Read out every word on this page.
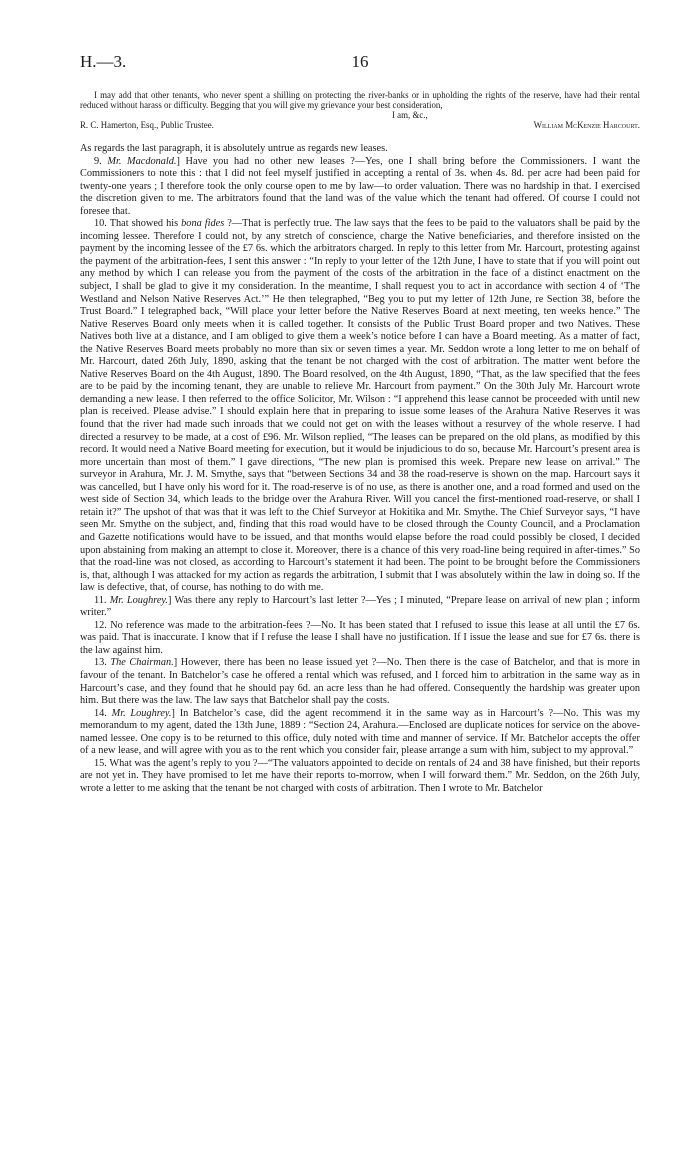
H.—3.	16

I may add that other tenants, who never spent a shilling on protecting the river-banks or in upholding the rights of the reserve, have had their rental reduced without harass or difficulty. Begging that you will give my grievance your best consideration,

I am, &c.,
R. C. Hamerton, Esq., Public Trustee.	William McKenzie Harcourt.

As regards the last paragraph, it is absolutely untrue as regards new leases.

9. Mr. Macdonald.] Have you had no other new leases ?—Yes, one I shall bring before the Commissioners. I want the Commissioners to note this : that I did not feel myself justified in accepting a rental of 3s. when 4s. 8d. per acre had been paid for twenty-one years ; I therefore took the only course open to me by law—to order valuation. There was no hardship in that. I exercised the discretion given to me. The arbitrators found that the land was of the value which the tenant had offered. Of course I could not foresee that.

10. That showed his bona fides ?—That is perfectly true. The law says that the fees to be paid to the valuators shall be paid by the incoming lessee. Therefore I could not, by any stretch of conscience, charge the Native beneficiaries, and therefore insisted on the payment by the incoming lessee of the £7 6s. which the arbitrators charged. In reply to this letter from Mr. Harcourt, protesting against the payment of the arbitration-fees, I sent this answer : “In reply to your letter of the 12th June, I have to state that if you will point out any method by which I can release you from the payment of the costs of the arbitration in the face of a distinct enactment on the subject, I shall be glad to give it my consideration. In the meantime, I shall request you to act in accordance with section 4 of ‘The Westland and Nelson Native Reserves Act.’” He then telegraphed, “Beg you to put my letter of 12th June, re Section 38, before the Trust Board.” I telegraphed back, “Will place your letter before the Native Reserves Board at next meeting, ten weeks hence.” The Native Reserves Board only meets when it is called together. It consists of the Public Trust Board proper and two Natives. These Natives both live at a distance, and I am obliged to give them a week’s notice before I can have a Board meeting. As a matter of fact, the Native Reserves Board meets probably no more than six or seven times a year. Mr. Seddon wrote a long letter to me on behalf of Mr. Harcourt, dated 26th July, 1890, asking that the tenant be not charged with the cost of arbitration. The matter went before the Native Reserves Board on the 4th August, 1890. The Board resolved, on the 4th August, 1890, “That, as the law specified that the fees are to be paid by the incoming tenant, they are unable to relieve Mr. Harcourt from payment.” On the 30th July Mr. Harcourt wrote demanding a new lease. I then referred to the office Solicitor, Mr. Wilson : “I apprehend this lease cannot be proceeded with until new plan is received. Please advise.” I should explain here that in preparing to issue some leases of the Arahura Native Reserves it was found that the river had made such inroads that we could not get on with the leases without a resurvey of the whole reserve. I had directed a resurvey to be made, at a cost of £96. Mr. Wilson replied, “The leases can be prepared on the old plans, as modified by this record. It would need a Native Board meeting for execution, but it would be injudicious to do so, because Mr. Harcourt’s present area is more uncertain than most of them.” I gave directions, “The new plan is promised this week. Prepare new lease on arrival.” The surveyor in Arahura, Mr. J. M. Smythe, says that “between Sections 34 and 38 the road-reserve is shown on the map. Harcourt says it was cancelled, but I have only his word for it. The road-reserve is of no use, as there is another one, and a road formed and used on the west side of Section 34, which leads to the bridge over the Arahura River. Will you cancel the first-mentioned road-reserve, or shall I retain it?” The upshot of that was that it was left to the Chief Surveyor at Hokitika and Mr. Smythe. The Chief Surveyor says, “I have seen Mr. Smythe on the subject, and, finding that this road would have to be closed through the County Council, and a Proclamation and Gazette notifications would have to be issued, and that months would elapse before the road could possibly be closed, I decided upon abstaining from making an attempt to close it. Moreover, there is a chance of this very road-line being required in after-times.” So that the road-line was not closed, as according to Harcourt’s statement it had been. The point to be brought before the Commissioners is, that, although I was attacked for my action as regards the arbitration, I submit that I was absolutely within the law in doing so. If the law is defective, that, of course, has nothing to do with me.

11. Mr. Loughrey.] Was there any reply to Harcourt’s last letter ?—Yes ; I minuted, “Prepare lease on arrival of new plan ; inform writer.”

12. No reference was made to the arbitration-fees ?—No. It has been stated that I refused to issue this lease at all until the £7 6s. was paid. That is inaccurate. I know that if I refuse the lease I shall have no justification. If I issue the lease and sue for £7 6s. there is the law against him.

13. The Chairman.] However, there has been no lease issued yet ?—No. Then there is the case of Batchelor, and that is more in favour of the tenant. In Batchelor’s case he offered a rental which was refused, and I forced him to arbitration in the same way as in Harcourt’s case, and they found that he should pay 6d. an acre less than he had offered. Consequently the hardship was greater upon him. But there was the law. The law says that Batchelor shall pay the costs.

14. Mr. Loughrey.] In Batchelor’s case, did the agent recommend it in the same way as in Harcourt’s ?—No. This was my memorandum to my agent, dated the 13th June, 1889 : “Section 24, Arahura.—Enclosed are duplicate notices for service on the above-named lessee. One copy is to be returned to this office, duly noted with time and manner of service. If Mr. Batchelor accepts the offer of a new lease, and will agree with you as to the rent which you consider fair, please arrange a sum with him, subject to my approval.”

15. What was the agent’s reply to you ?—“The valuators appointed to decide on rentals of 24 and 38 have finished, but their reports are not yet in. They have promised to let me have their reports to-morrow, when I will forward them.” Mr. Seddon, on the 26th July, wrote a letter to me asking that the tenant be not charged with costs of arbitration. Then I wrote to Mr. Batchelor
